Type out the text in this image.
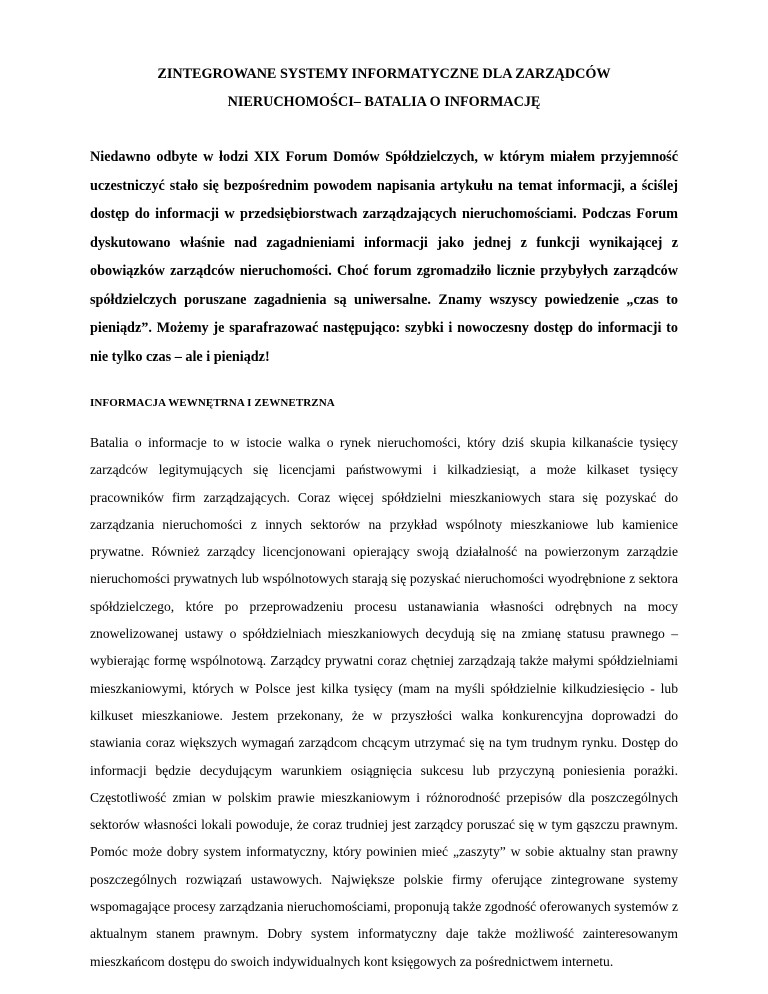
ZINTEGROWANE SYSTEMY INFORMATYCZNE DLA ZARZĄDCÓW
NIERUCHOMOŚCI– BATALIA O INFORMACJĘ

Niedawno odbyte w łodzi XIX Forum Domów Spółdzielczych, w którym miałem przyjemność uczestniczyć stało się bezpośrednim powodem napisania artykułu na temat informacji, a ściślej dostęp do informacji w przedsiębiorstwach zarządzających nieruchomościami. Podczas Forum dyskutowano właśnie nad zagadnieniami informacji jako jednej z funkcji wynikającej z obowiązków zarządców nieruchomości. Choć forum zgromadziło licznie przybyłych zarządców spółdzielczych poruszane zagadnienia są uniwersalne. Znamy wszyscy powiedzenie „czas to pieniądz”. Możemy je sparafrazować następująco: szybki i nowoczesny dostęp do informacji to nie tylko czas – ale i pieniądz!

INFORMACJA WEWNĘTRNA I ZEWNETRZNA

Batalia o informacje to w istocie walka o rynek nieruchomości, który dziś skupia kilkanaście tysięcy zarządców legitymujących się licencjami państwowymi i kilkadziesiąt, a może kilkaset tysięcy pracowników firm zarządzających. Coraz więcej spółdzielni mieszkaniowych stara się pozyskać do zarządzania nieruchomości z innych sektorów na przykład wspólnoty mieszkaniowe lub kamienice prywatne. Również zarządcy licencjonowani opierający swoją działalność na powierzonym zarządzie nieruchomości prywatnych lub wspólnotowych starają się pozyskać nieruchomości wyodrębnione z sektora spółdzielczego, które po przeprowadzeniu procesu ustanawiania własności odrębnych na mocy znowelizowanej ustawy o spółdzielniach mieszkaniowych decydują się na zmianę statusu prawnego – wybierając formę wspólnotową. Zarządcy prywatni coraz chętniej zarządzają także małymi spółdzielniami mieszkaniowymi, których w Polsce jest kilka tysięcy (mam na myśli spółdzielnie kilkudziesięcio - lub kilkuset mieszkaniowe. Jestem przekonany, że w przyszłości walka konkurencyjna doprowadzi do stawiania coraz większych wymagań zarządcom chcącym utrzymać się na tym trudnym rynku. Dostęp do informacji będzie decydującym warunkiem osiągnięcia sukcesu lub przyczyną poniesienia porażki. Częstotliwość zmian w polskim prawie mieszkaniowym i różnorodność przepisów dla poszczególnych sektorów własności lokali powoduje, że coraz trudniej jest zarządcy poruszać się w tym gąszczu prawnym. Pomóc może dobry system informatyczny, który powinien mieć „zaszyty” w sobie aktualny stan prawny poszczególnych rozwiązań ustawowych. Największe polskie firmy oferujące zintegrowane systemy wspomagające procesy zarządzania nieruchomościami, proponują także zgodność oferowanych systemów z aktualnym stanem prawnym. Dobry system informatyczny daje także możliwość zainteresowanym mieszkańcom dostępu do swoich indywidualnych kont księgowych za pośrednictwem internetu.
